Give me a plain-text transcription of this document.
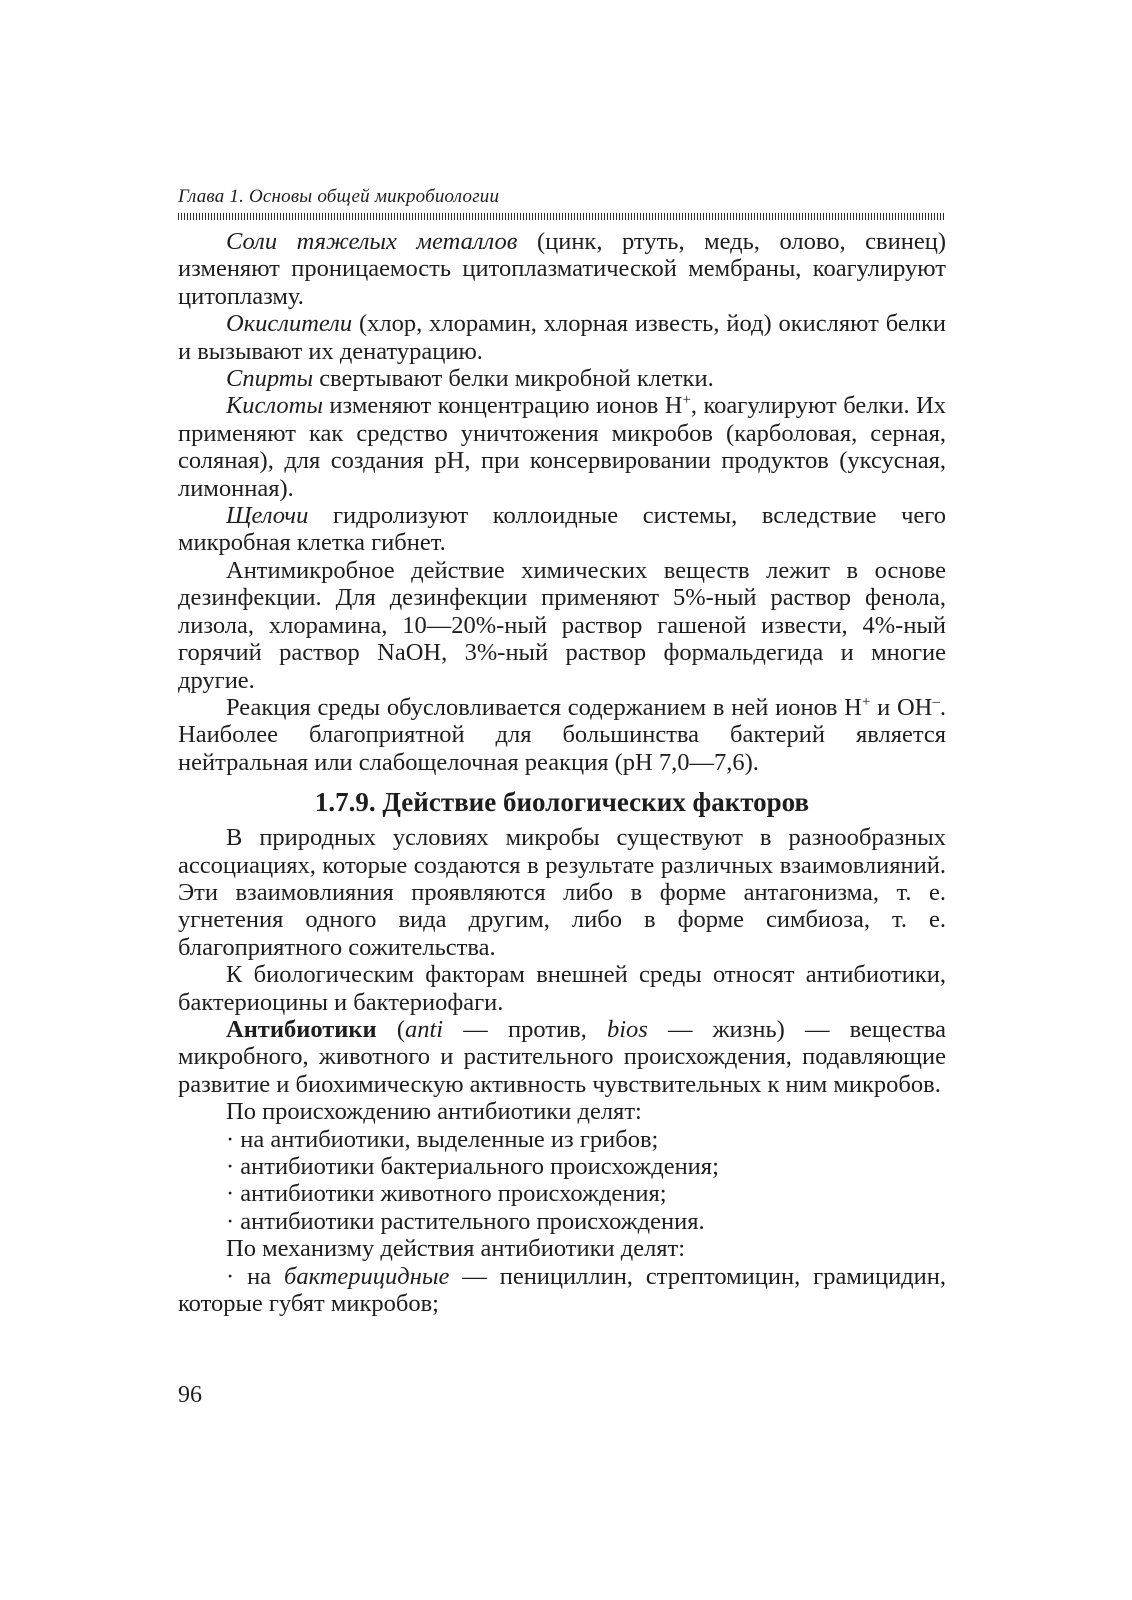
Глава 1. Основы общей микробиологии

Соли тяжелых металлов (цинк, ртуть, медь, олово, свинец) изменяют проницаемость цитоплазматической мембраны, коагулируют цитоплазму.

Окислители (хлор, хлорамин, хлорная известь, йод) окисляют белки и вызывают их денатурацию.

Спирты свертывают белки микробной клетки.

Кислоты изменяют концентрацию ионов Н+, коагулируют белки. Их применяют как средство уничтожения микробов (карболовая, серная, соляная), для создания рН, при консервировании продуктов (уксусная, лимонная).

Щелочи гидролизуют коллоидные системы, вследствие чего микробная клетка гибнет.

Антимикробное действие химических веществ лежит в основе дезинфекции. Для дезинфекции применяют 5%-ный раствор фенола, лизола, хлорамина, 10—20%-ный раствор гашеной извести, 4%-ный горячий раствор NaOH, 3%-ный раствор формальдегида и многие другие.

Реакция среды обусловливается содержанием в ней ионов Н+ и ОН–. Наиболее благоприятной для большинства бактерий является нейтральная или слабощелочная реакция (рН 7,0—7,6).

1.7.9. Действие биологических факторов

В природных условиях микробы существуют в разнообразных ассоциациях, которые создаются в результате различных взаимовлияний. Эти взаимовлияния проявляются либо в форме антагонизма, т. е. угнетения одного вида другим, либо в форме симбиоза, т. е. благоприятного сожительства.

К биологическим факторам внешней среды относят антибиотики, бактериоцины и бактериофаги.

Антибиотики (anti — против, bios — жизнь) — вещества микробного, животного и растительного происхождения, подавляющие развитие и биохимическую активность чувствительных к ним микробов.

По происхождению антибиотики делят:

· на антибиотики, выделенные из грибов;

· антибиотики бактериального происхождения;

· антибиотики животного происхождения;

· антибиотики растительного происхождения.

По механизму действия антибиотики делят:

· на бактерицидные — пенициллин, стрептомицин, грамицидин, которые губят микробов;

96
